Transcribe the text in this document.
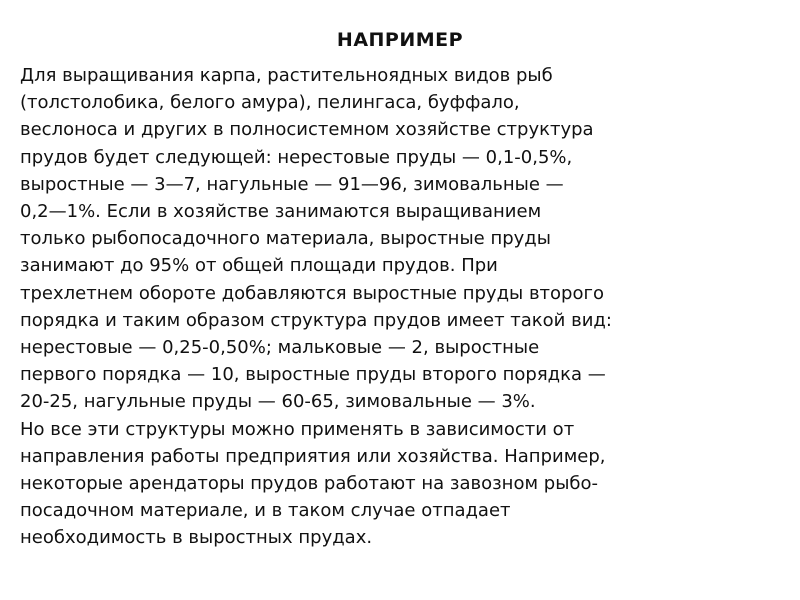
НАПРИМЕР
Для выращивания карпа, растительноядных видов рыб
(толстолобика, белого амура), пелингаса, буффало,
веслоноса и других в полносистемном хозяйстве структура
прудов будет следующей: нерестовые пруды — 0,1-0,5%,
выростные — 3—7, нагульные — 91—96, зимовальные —
0,2—1%. Если в хозяйстве занимаются выращиванием
только рыбопосадочного материала, выростные пруды
занимают до 95% от общей площади прудов. При
трехлетнем обороте добавляются выростные пруды второго
порядка и таким образом структура прудов имеет такой вид:
нерестовые — 0,25-0,50%; мальковые — 2, выростные
первого порядка — 10, выростные пруды второго порядка —
20-25, нагульные пруды — 60-65, зимовальные — 3%.
Но все эти структуры можно применять в зависимости от
направления работы предприятия или хозяйства. Например,
некоторые арендаторы прудов работают на завозном рыбо-
посадочном материале, и в таком случае отпадает
необходимость в выростных прудах.
